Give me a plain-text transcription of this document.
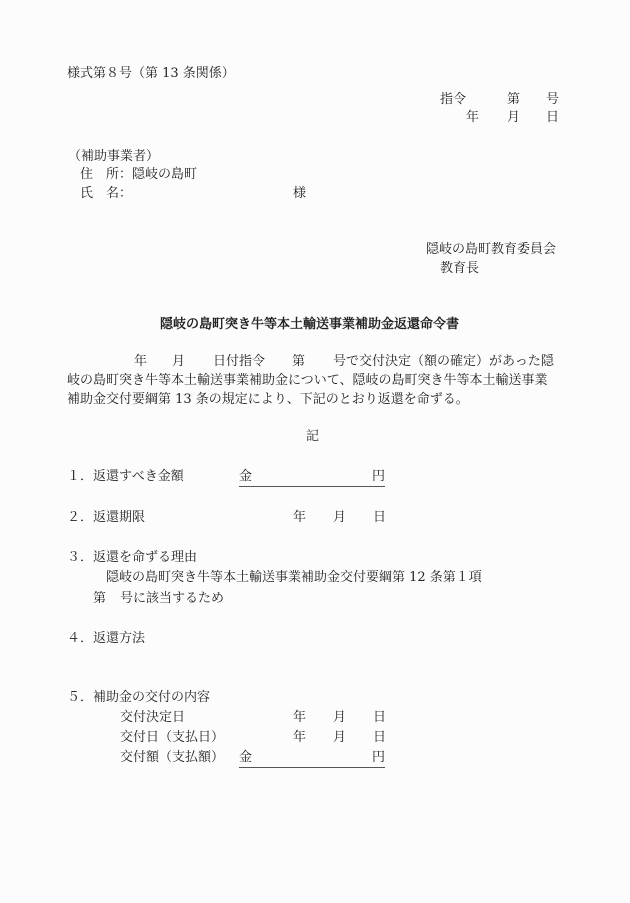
様式第８号（第 13 条関係）
指令	第 号
年 月 日
（補助事業者）
住　所：隠岐の島町
氏　名：	様
隠岐の島町教育委員会
教育長
隠岐の島町突き牛等本土輸送事業補助金返還命令書
年 月 日付指令 第 号で交付決定（額の確定）があった隠
岐の島町突き牛等本土輸送事業補助金について、隠岐の島町突き牛等本土輸送事業
補助金交付要綱第 13 条の規定により、下記のとおり返還を命ずる。
記
１．返還すべき金額	金	円
２．返還期限	年 月 日
３．返還を命ずる理由
隠岐の島町突き牛等本土輸送事業補助金交付要綱第 12 条第１項
第 号に該当するため
４．返還方法
５．補助金の交付の内容
交付決定日	年 月 日
交付日（支払日）	年 月 日
交付額（支払額） 金	円
